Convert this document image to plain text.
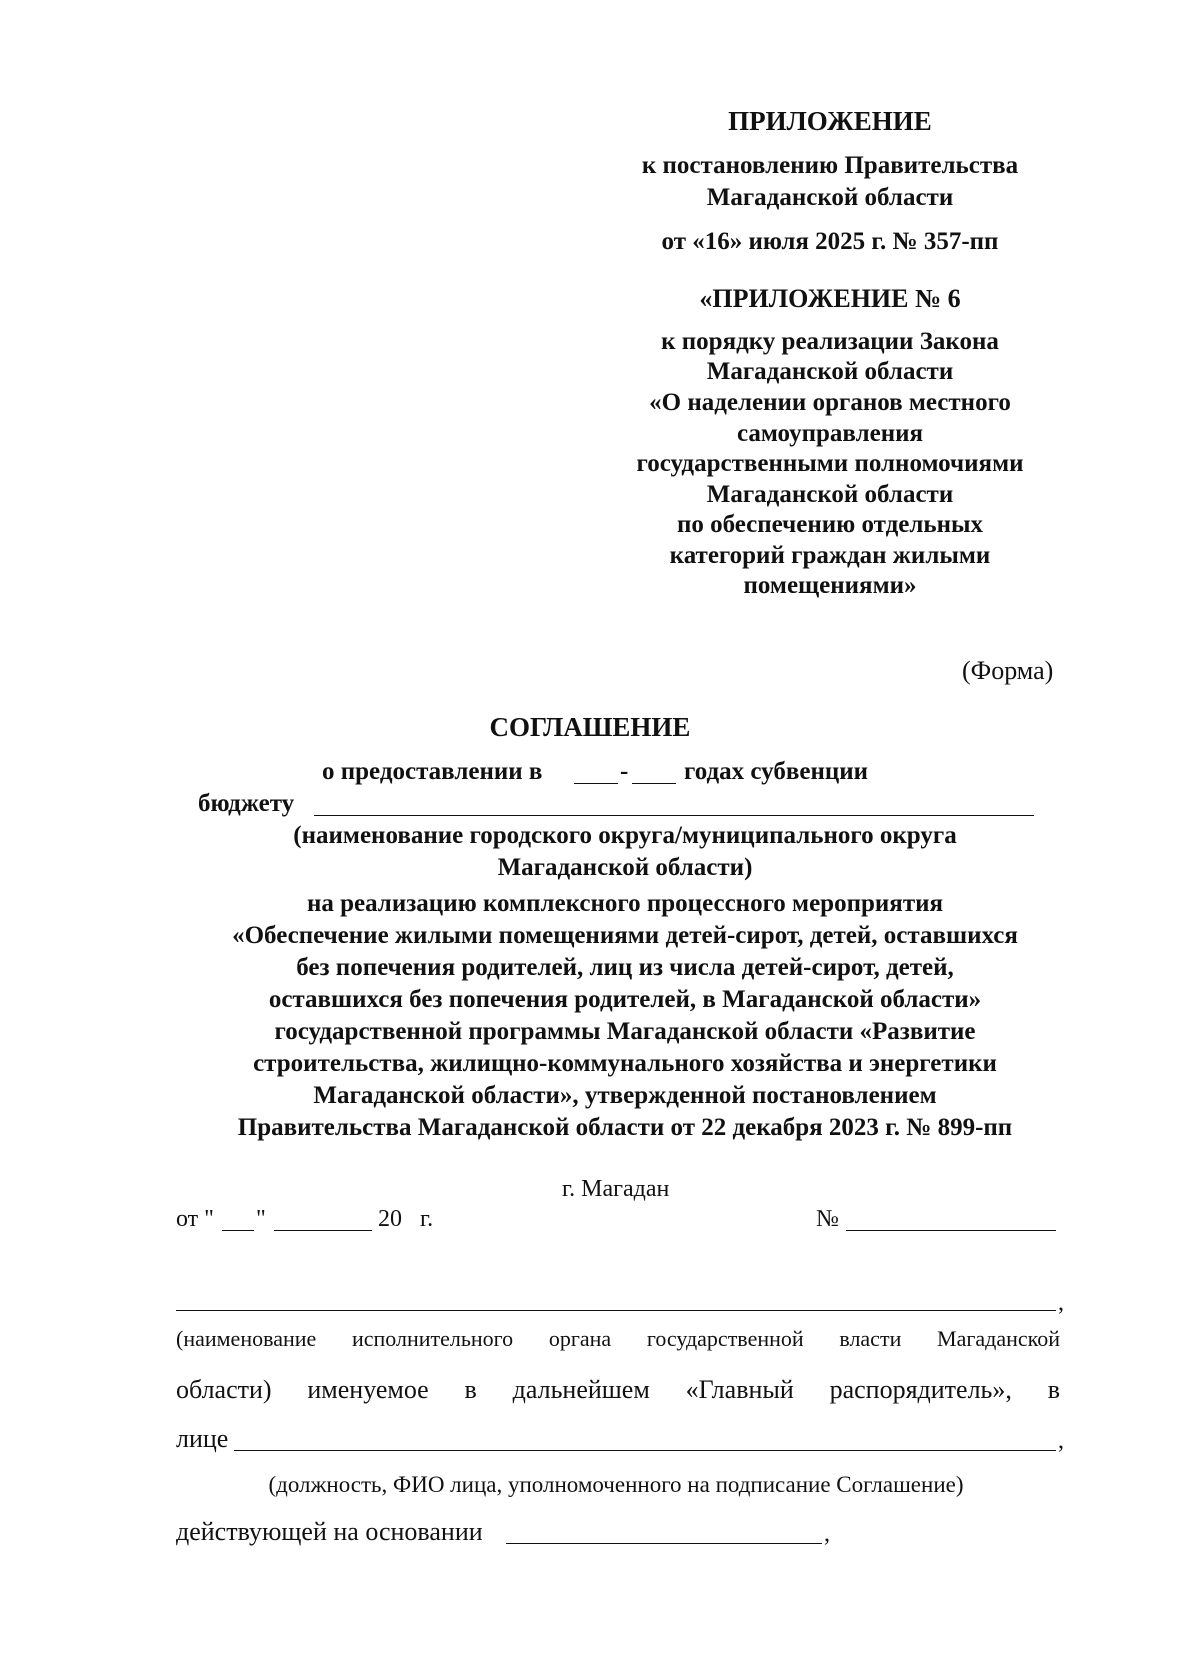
ПРИЛОЖЕНИЕ
к постановлению Правительства
Магаданской области
от «16» июля 2025 г. № 357-пп
«ПРИЛОЖЕНИЕ № 6
к порядку реализации Закона
Магаданской области
«О наделении органов местного
самоуправления
государственными полномочиями
Магаданской области
по обеспечению отдельных
категорий граждан жилыми
помещениями»
(Форма)
СОГЛАШЕНИЕ
о предоставлении в	- годах субвенции
бюджету
(наименование городского округа/муниципального округа
Магаданской области)
на реализацию комплексного процессного мероприятия
«Обеспечение жилыми помещениями детей-сирот, детей, оставшихся
без попечения родителей, лиц из числа детей-сирот, детей,
оставшихся без попечения родителей, в Магаданской области»
государственной программы Магаданской области «Развитие
строительства, жилищно-коммунального хозяйства и энергетики
Магаданской области», утвержденной постановлением
Правительства Магаданской области от 22 декабря 2023 г. № 899-пп
г. Магадан
от " "	20   г.	№
,
(наименование исполнительного органа государственной власти Магаданской
области) именуемое в дальнейшем «Главный распорядитель», в
лице	,
(должность, ФИО лица, уполномоченного на подписание Соглашение)
действующей на основании	,
